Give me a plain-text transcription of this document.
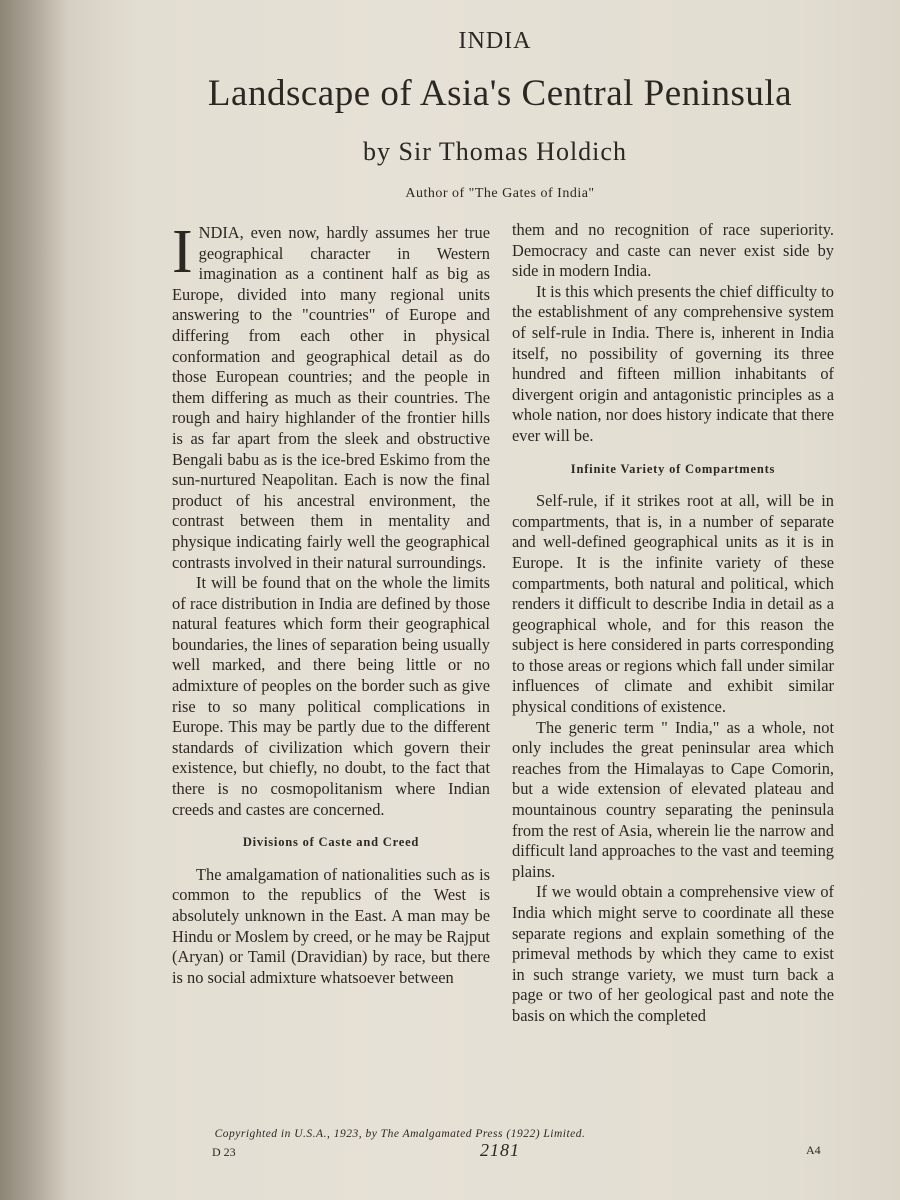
INDIA
Landscape of Asia's Central Peninsula
by Sir Thomas Holdich
Author of "The Gates of India"

INDIA, even now, hardly assumes her true geographical character in Western imagination as a continent half as big as Europe, divided into many regional units answering to the "countries" of Europe and differing from each other in physical conformation and geographical detail as do those European countries; and the people in them differing as much as their countries. The rough and hairy highlander of the frontier hills is as far apart from the sleek and obstructive Bengali babu as is the ice-bred Eskimo from the sun-nurtured Neapolitan. Each is now the final product of his ancestral environment, the contrast between them in mentality and physique indicating fairly well the geographical contrasts involved in their natural surroundings.

It will be found that on the whole the limits of race distribution in India are defined by those natural features which form their geographical boundaries, the lines of separation being usually well marked, and there being little or no admixture of peoples on the border such as give rise to so many political complications in Europe. This may be partly due to the different standards of civilization which govern their existence, but chiefly, no doubt, to the fact that there is no cosmopolitanism where Indian creeds and castes are concerned.

Divisions of Caste and Creed

The amalgamation of nationalities such as is common to the republics of the West is absolutely unknown in the East. A man may be Hindu or Moslem by creed, or he may be Rajput (Aryan) or Tamil (Dravidian) by race, but there is no social admixture whatsoever between

them and no recognition of race superiority. Democracy and caste can never exist side by side in modern India.

It is this which presents the chief difficulty to the establishment of any comprehensive system of self-rule in India. There is, inherent in India itself, no possibility of governing its three hundred and fifteen million inhabitants of divergent origin and antagonistic principles as a whole nation, nor does history indicate that there ever will be.

Infinite Variety of Compartments

Self-rule, if it strikes root at all, will be in compartments, that is, in a number of separate and well-defined geographical units as it is in Europe. It is the infinite variety of these compartments, both natural and political, which renders it difficult to describe India in detail as a geographical whole, and for this reason the subject is here considered in parts corresponding to those areas or regions which fall under similar influences of climate and exhibit similar physical conditions of existence.

The generic term " India," as a whole, not only includes the great peninsular area which reaches from the Himalayas to Cape Comorin, but a wide extension of elevated plateau and mountainous country separating the peninsula from the rest of Asia, wherein lie the narrow and difficult land approaches to the vast and teeming plains.

If we would obtain a comprehensive view of India which might serve to coordinate all these separate regions and explain something of the primeval methods by which they came to exist in such strange variety, we must turn back a page or two of her geological past and note the basis on which the completed

Copyrighted in U.S.A., 1923, by The Amalgamated Press (1922) Limited.
D 23	2181	A4
